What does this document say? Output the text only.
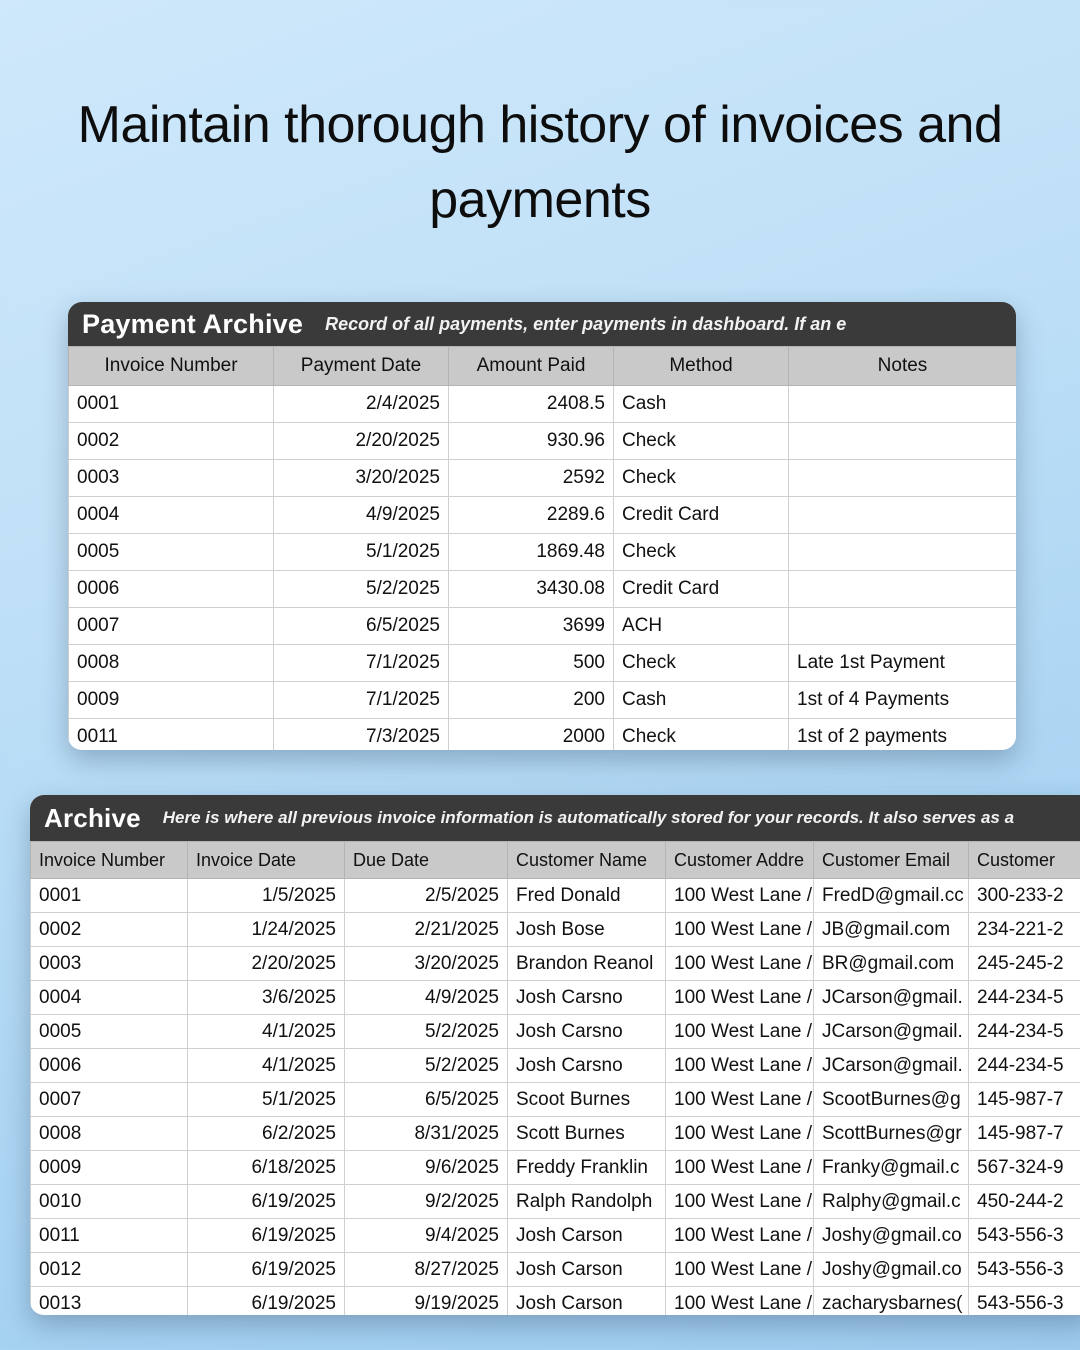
Maintain thorough history of invoices and payments
Payment Archive Record of all payments, enter payments in dashboard. If an e
Invoice Number	Payment Date	Amount Paid	Method	Notes
0001	2/4/2025	2408.5	Cash	
0002	2/20/2025	930.96	Check	
0003	3/20/2025	2592	Check	
0004	4/9/2025	2289.6	Credit Card	
0005	5/1/2025	1869.48	Check	
0006	5/2/2025	3430.08	Credit Card	
0007	6/5/2025	3699	ACH	
0008	7/1/2025	500	Check	Late 1st Payment
0009	7/1/2025	200	Cash	1st of 4 Payments
0011	7/3/2025	2000	Check	1st of 2 payments
Archive Here is where all previous invoice information is automatically stored for your records. It also serves as a
Invoice Number	Invoice Date	Due Date	Customer Name	Customer Addre	Customer Email	Customer
0001	1/5/2025	2/5/2025	Fred Donald	100 West Lane /	FredD@gmail.cc	300-233-2
0002	1/24/2025	2/21/2025	Josh Bose	100 West Lane /	JB@gmail.com	234-221-2
0003	2/20/2025	3/20/2025	Brandon Reanol	100 West Lane /	BR@gmail.com	245-245-2
0004	3/6/2025	4/9/2025	Josh Carsno	100 West Lane /	JCarson@gmail.	244-234-5
0005	4/1/2025	5/2/2025	Josh Carsno	100 West Lane /	JCarson@gmail.	244-234-5
0006	4/1/2025	5/2/2025	Josh Carsno	100 West Lane /	JCarson@gmail.	244-234-5
0007	5/1/2025	6/5/2025	Scoot Burnes	100 West Lane /	ScootBurnes@g	145-987-7
0008	6/2/2025	8/31/2025	Scott Burnes	100 West Lane /	ScottBurnes@gr	145-987-7
0009	6/18/2025	9/6/2025	Freddy Franklin	100 West Lane /	Franky@gmail.c	567-324-9
0010	6/19/2025	9/2/2025	Ralph Randolph	100 West Lane /	Ralphy@gmail.c	450-244-2
0011	6/19/2025	9/4/2025	Josh Carson	100 West Lane /	Joshy@gmail.co	543-556-3
0012	6/19/2025	8/27/2025	Josh Carson	100 West Lane /	Joshy@gmail.co	543-556-3
0013	6/19/2025	9/19/2025	Josh Carson	100 West Lane /	zacharysbarnes(	543-556-3
